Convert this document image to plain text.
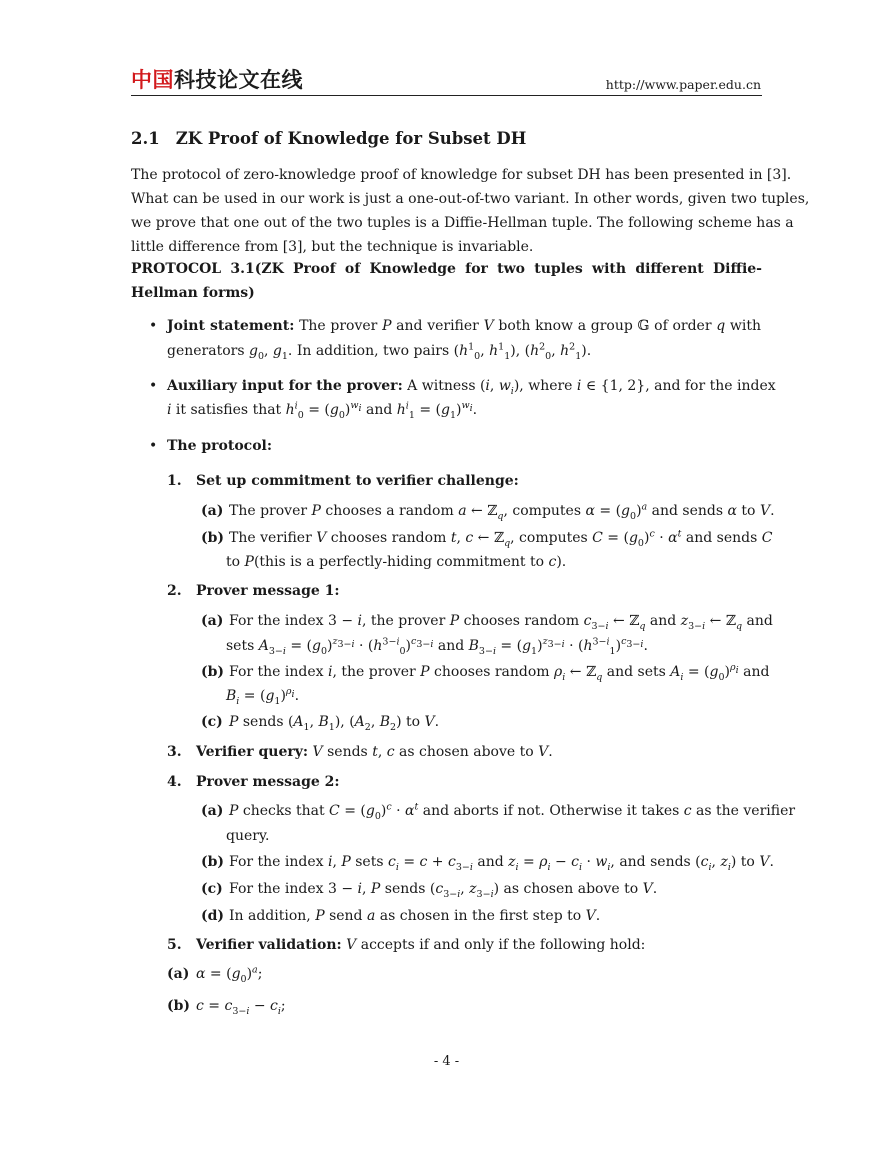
中国科技论文在线	http://www.paper.edu.cn
2.1 ZK Proof of Knowledge for Subset DH
The protocol of zero-knowledge proof of knowledge for subset DH has been presented in [3].
What can be used in our work is just a one-out-of-two variant. In other words, given two tuples,
we prove that one out of the two tuples is a Diffie-Hellman tuple. The following scheme has a
little difference from [3], but the technique is invariable.
PROTOCOL 3.1(ZK Proof of Knowledge for two tuples with different Diffie-
Hellman forms)
• Joint statement: The prover P and verifier V both know a group 𝔾 of order q with
generators $g_0$, $g_1$. In addition, two pairs ($h^1_0$, $h^1_1$), ($h^2_0$, $h^2_1$).
• Auxiliary input for the prover: A witness (i, $w_i$), where i ∈ {1, 2}, and for the index
i it satisfies that $h^i_0 = (g_0)^{w_i}$ and $h^i_1 = (g_1)^{w_i}$.
• The protocol:
1. Set up commitment to verifier challenge:
(a) The prover P chooses a random a ← ℤ$_q$, computes $\alpha = (g_0)^a$ and sends α to V.
(b) The verifier V chooses random t, c ← ℤ$_q$, computes $C = (g_0)^c \cdot \alpha^t$ and sends C
to P(this is a perfectly-hiding commitment to c).
2. Prover message 1:
(a) For the index 3 − i, the prover P chooses random $c_{3-i}$ ← ℤ$_q$ and $z_{3-i}$ ← ℤ$_q$ and
sets $A_{3-i} = (g_0)^{z_{3-i}} \cdot (h^{3-i}_0)^{c_{3-i}}$ and $B_{3-i} = (g_1)^{z_{3-i}} \cdot (h^{3-i}_1)^{c_{3-i}}$.
(b) For the index i, the prover P chooses random $\rho_i$ ← ℤ$_q$ and sets $A_i = (g_0)^{\rho_i}$ and
$B_i = (g_1)^{\rho_i}$.
(c) P sends ($A_1$, $B_1$), ($A_2$, $B_2$) to V.
3. Verifier query: V sends t, c as chosen above to V.
4. Prover message 2:
(a) P checks that $C = (g_0)^c \cdot \alpha^t$ and aborts if not. Otherwise it takes c as the verifier
query.
(b) For the index i, P sets $c_i = c + c_{3-i}$ and $z_i = \rho_i - c_i \cdot w_i$, and sends ($c_i$, $z_i$) to V.
(c) For the index 3 − i, P sends ($c_{3-i}$, $z_{3-i}$) as chosen above to V.
(d) In addition, P send a as chosen in the first step to V.
5. Verifier validation: V accepts if and only if the following hold:
(a) $\alpha = (g_0)^a$;
(b) $c = c_{3-i} - c_i$;
- 4 -
